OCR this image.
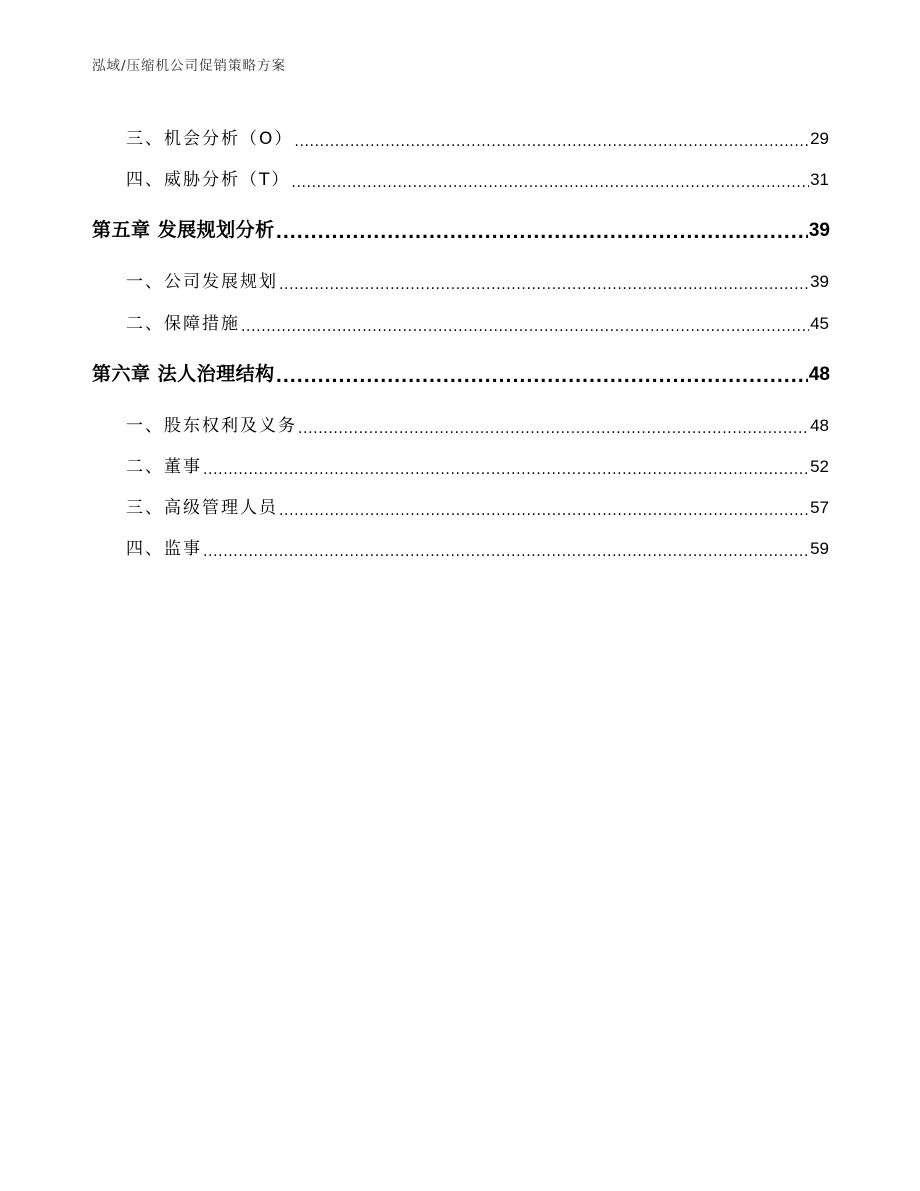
泓域/压缩机公司促销策略方案
三、 机会分析（O） .....	29
四、 威胁分析（T） .....	31
第五章 发展规划分析 .....	39
一、 公司发展规划 .....	39
二、 保障措施 .....	45
第六章 法人治理结构 .....	48
一、 股东权利及义务 .....	48
二、 董事 .....	52
三、 高级管理人员 .....	57
四、 监事 .....	59
